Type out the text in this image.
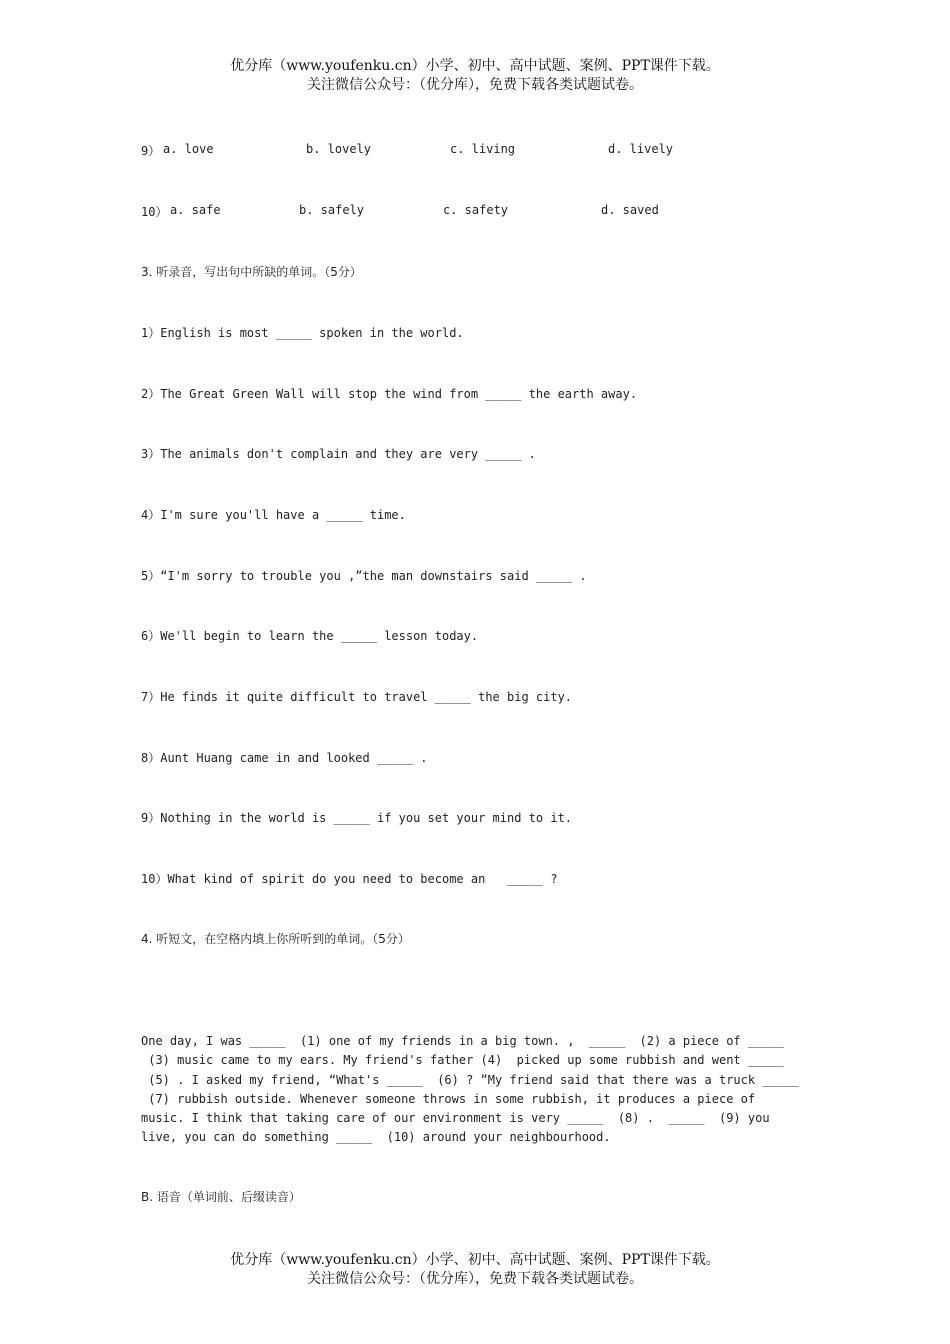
优分库（www.youfenku.cn）小学、初中、高中试题、案例、PPT课件下载。
关注微信公众号：（优分库），免费下载各类试题试卷。

9）

a. love

	b. lovely

	c. living

	d. lively

10）

a. safe

	b. safely

	c. safety

	d. saved

3. 听录音，写出句中所缺的单词。（5分）
1）English is most _____ spoken in the world.
2）The Great Green Wall will stop the wind from _____ the earth away.
3）The animals don't complain and they are very _____ .
4）I'm sure you'll have a _____ time.
5）“I'm sorry to trouble you ,”the man downstairs said _____ .
6）We'll begin to learn the _____ lesson today.
7）He finds it quite difficult to travel _____ the big city.
8）Aunt Huang came in and looked _____ .
9）Nothing in the world is _____ if you set your mind to it.
10）What kind of spirit do you need to become an   _____ ?
4. 听短文，在空格内填上你所听到的单词。（5分）
One day, I was _____  (1) one of my friends in a big town. ,  _____  (2) a piece of _____
(3) music came to my ears. My friend's father (4)  picked up some rubbish and went _____
(5) . I asked my friend, “What's _____  (6) ? ”My friend said that there was a truck _____
(7) rubbish outside. Whenever someone throws in some rubbish, it produces a piece of
music. I think that taking care of our environment is very _____  (8) .  _____  (9) you
live, you can do something _____  (10) around your neighbourhood.
B. 语音（单词前、后缀读音）
优分库（www.youfenku.cn）小学、初中、高中试题、案例、PPT课件下载。
关注微信公众号：（优分库），免费下载各类试题试卷。
